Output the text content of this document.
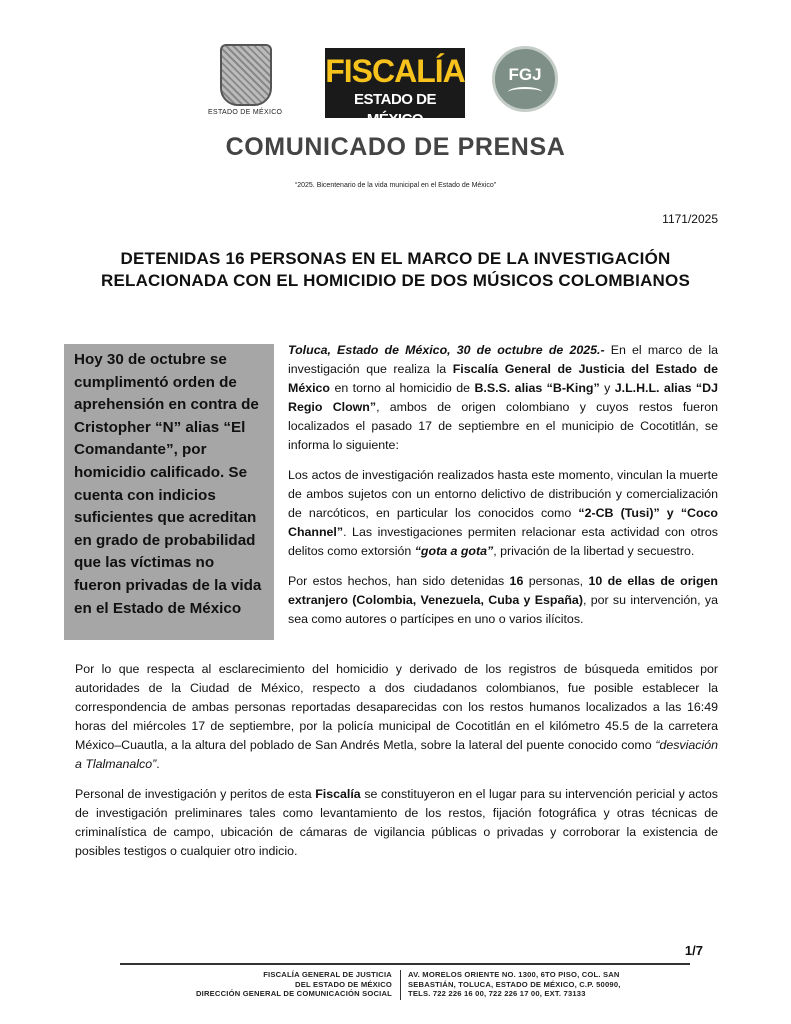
ESTADO DE MÉXICO
FISCALÍA
ESTADO DE MÉXICO
FGJ
COMUNICADO DE PRENSA
“2025. Bicentenario de la vida municipal en el Estado de México”
1171/2025
DETENIDAS 16 PERSONAS EN EL MARCO DE LA INVESTIGACIÓN RELACIONADA CON EL HOMICIDIO DE DOS MÚSICOS COLOMBIANOS
Hoy 30 de octubre se cumplimentó orden de aprehensión en contra de Cristopher “N” alias “El Comandante”, por homicidio calificado. Se cuenta con indicios suficientes que acreditan en grado de probabilidad que las víctimas no fueron privadas de la vida en el Estado de México

Toluca, Estado de México, 30 de octubre de 2025.- En el marco de la investigación que realiza la Fiscalía General de Justicia del Estado de México en torno al homicidio de B.S.S. alias “B-King” y J.L.H.L. alias “DJ Regio Clown”, ambos de origen colombiano y cuyos restos fueron localizados el pasado 17 de septiembre en el municipio de Cocotitlán, se informa lo siguiente:

Los actos de investigación realizados hasta este momento, vinculan la muerte de ambos sujetos con un entorno delictivo de distribución y comercialización de narcóticos, en particular los conocidos como “2-CB (Tusi)” y “Coco Channel”. Las investigaciones permiten relacionar esta actividad con otros delitos como extorsión “gota a gota”, privación de la libertad y secuestro.

Por estos hechos, han sido detenidas 16 personas, 10 de ellas de origen extranjero (Colombia, Venezuela, Cuba y España), por su intervención, ya sea como autores o partícipes en uno o varios ilícitos.

Por lo que respecta al esclarecimiento del homicidio y derivado de los registros de búsqueda emitidos por autoridades de la Ciudad de México, respecto a dos ciudadanos colombianos, fue posible establecer la correspondencia de ambas personas reportadas desaparecidas con los restos humanos localizados a las 16:49 horas del miércoles 17 de septiembre, por la policía municipal de Cocotitlán en el kilómetro 45.5 de la carretera México–Cuautla, a la altura del poblado de San Andrés Metla, sobre la lateral del puente conocido como “desviación a Tlalmanalco”.

Personal de investigación y peritos de esta Fiscalía se constituyeron en el lugar para su intervención pericial y actos de investigación preliminares tales como levantamiento de los restos, fijación fotográfica y otras técnicas de criminalística de campo, ubicación de cámaras de vigilancia públicas o privadas y corroborar la existencia de posibles testigos o cualquier otro indicio.

1/7
FISCALÍA GENERAL DE JUSTICIA
DEL ESTADO DE MÉXICO
DIRECCIÓN GENERAL DE COMUNICACIÓN SOCIAL
AV. MORELOS ORIENTE NO. 1300, 6TO PISO, COL. SAN
SEBASTIÁN, TOLUCA, ESTADO DE MÉXICO, C.P. 50090,
TELS. 722 226 16 00, 722 226 17 00, EXT. 73133
